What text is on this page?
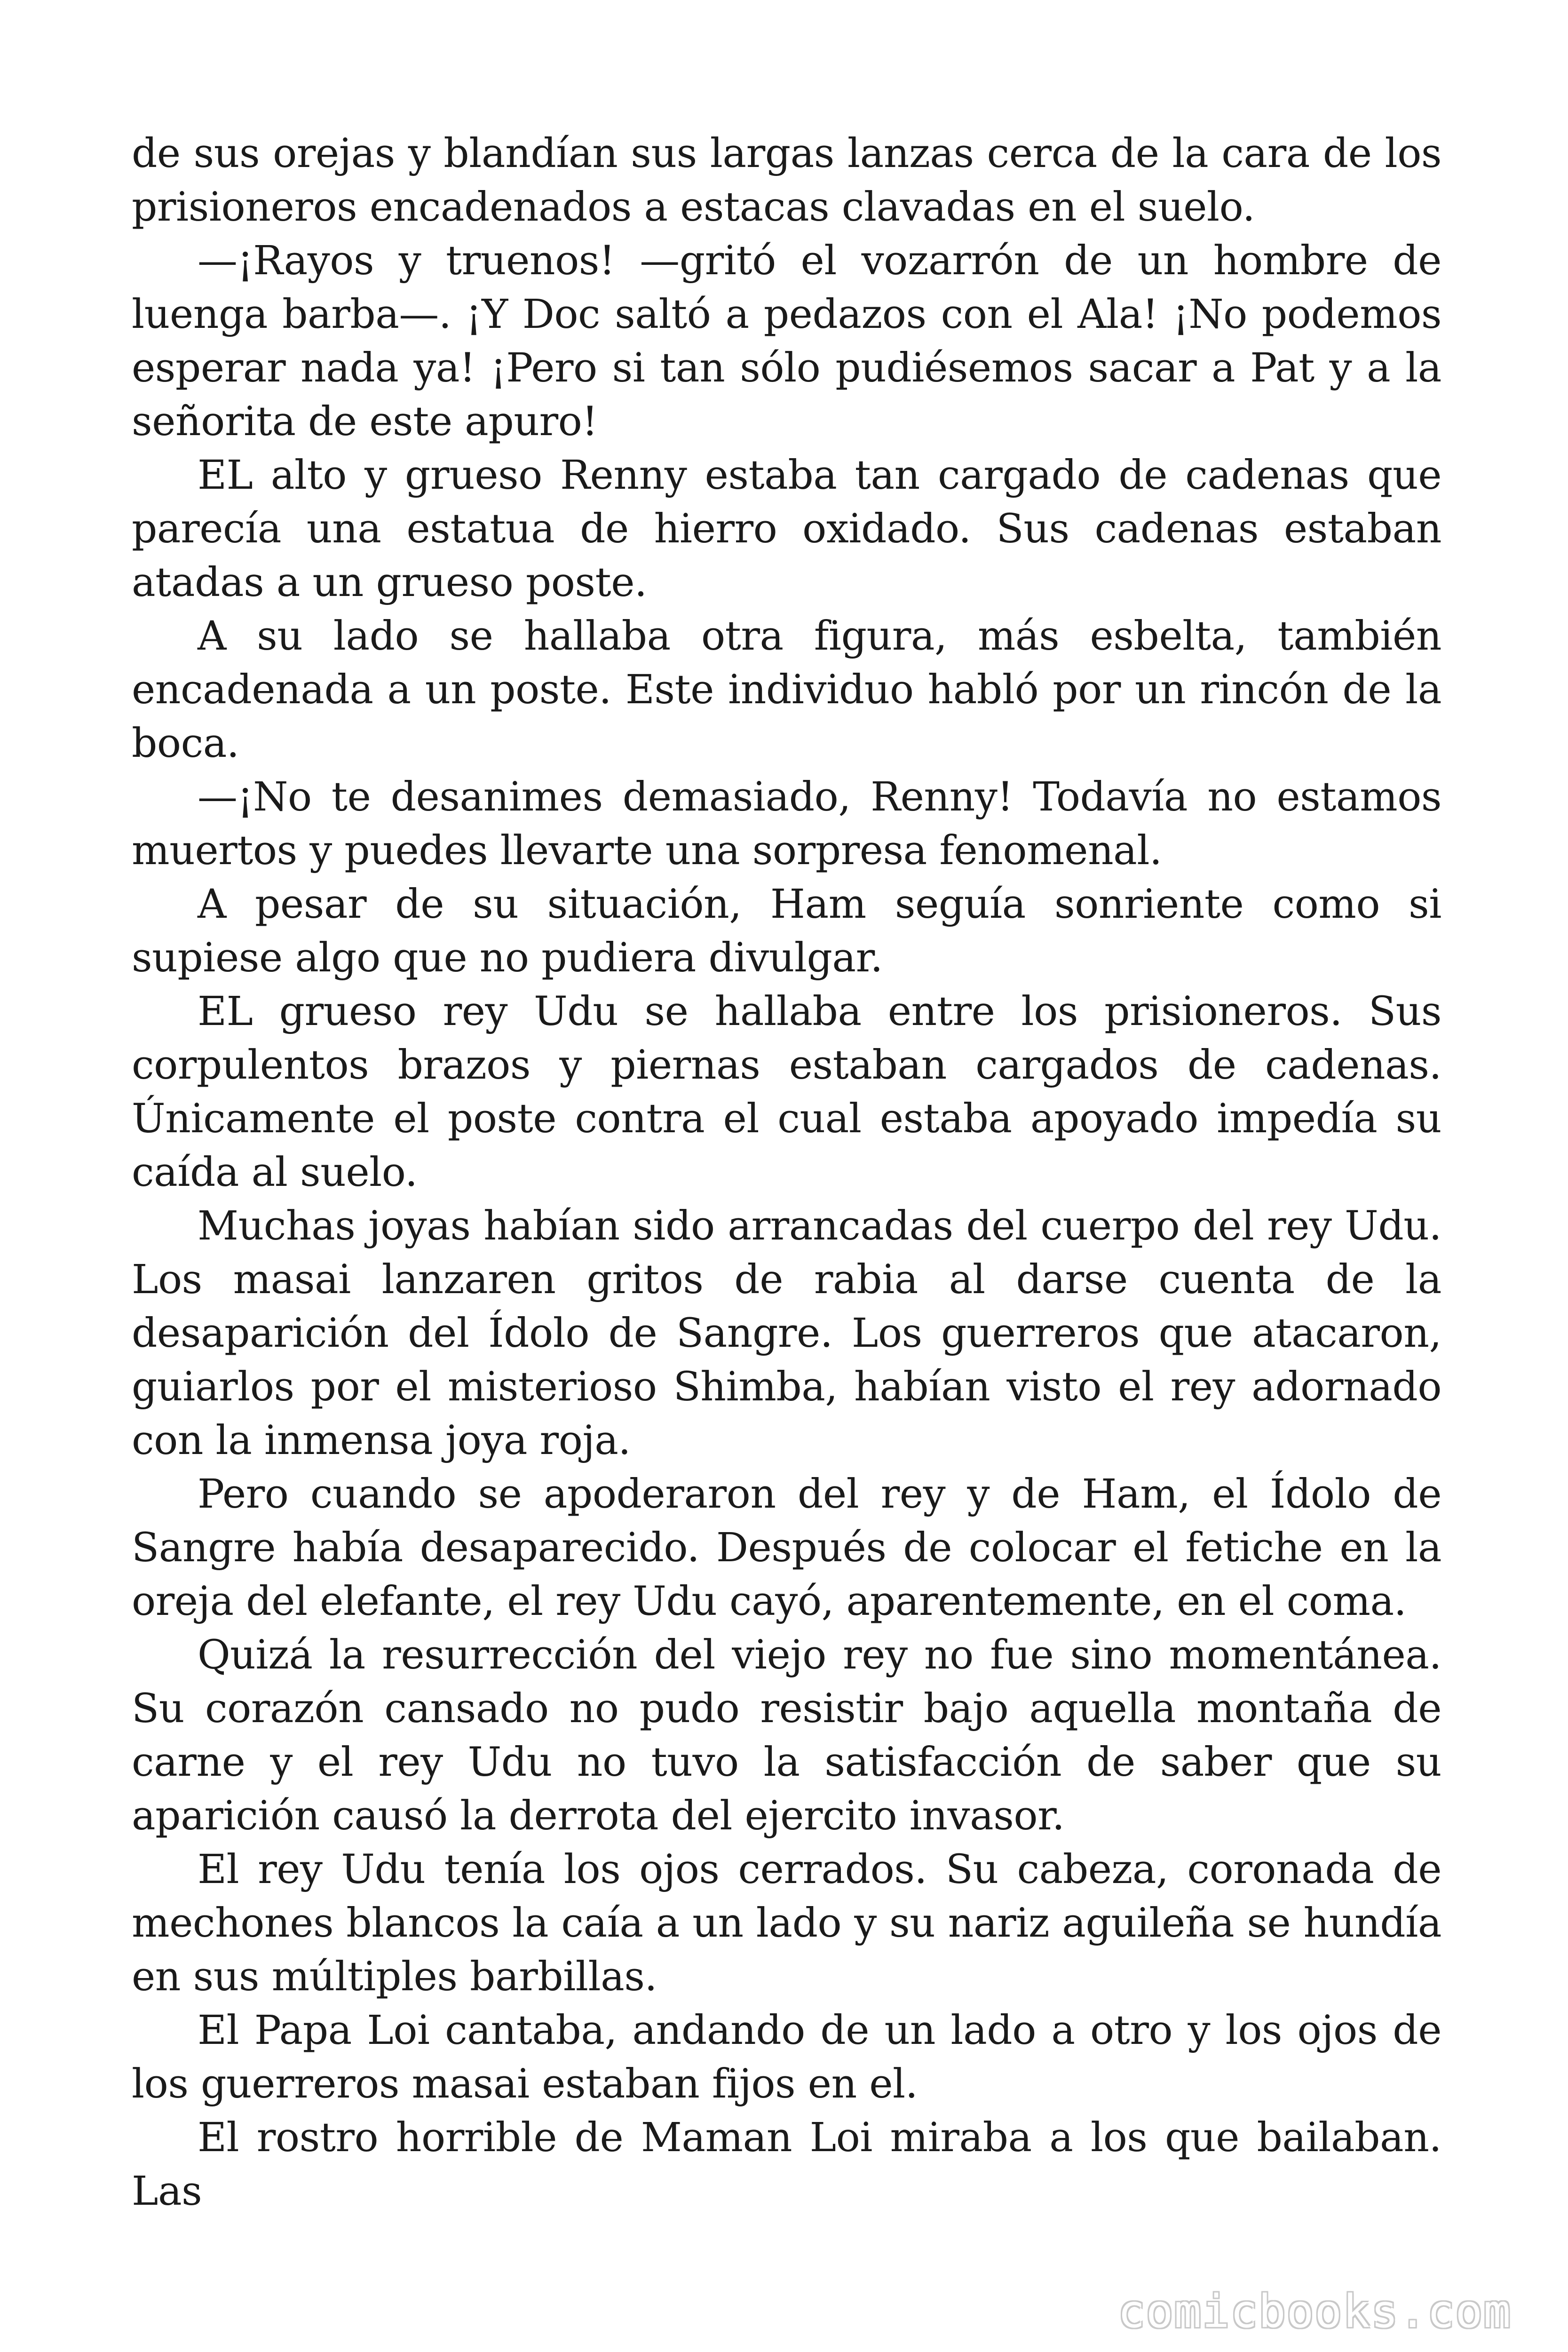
de sus orejas y blandían sus largas lanzas cerca de la cara de los prisioneros encadenados a estacas clavadas en el suelo.

—¡Rayos y truenos! —gritó el vozarrón de un hombre de luenga barba—. ¡Y Doc saltó a pedazos con el Ala! ¡No podemos esperar nada ya! ¡Pero si tan sólo pudiésemos sacar a Pat y a la señorita de este apuro!

EL alto y grueso Renny estaba tan cargado de cadenas que parecía una estatua de hierro oxidado. Sus cadenas estaban atadas a un grueso poste.

A su lado se hallaba otra figura, más esbelta, también encadenada a un poste. Este individuo habló por un rincón de la boca.

—¡No te desanimes demasiado, Renny! Todavía no estamos muertos y puedes llevarte una sorpresa fenomenal.

A pesar de su situación, Ham seguía sonriente como si supiese algo que no pudiera divulgar.

EL grueso rey Udu se hallaba entre los prisioneros. Sus corpulentos brazos y piernas estaban cargados de cadenas. Únicamente el poste contra el cual estaba apoyado impedía su caída al suelo.

Muchas joyas habían sido arrancadas del cuerpo del rey Udu. Los masai lanzaren gritos de rabia al darse cuenta de la desaparición del Ídolo de Sangre. Los guerreros que atacaron, guiarlos por el misterioso Shimba, habían visto el rey adornado con la inmensa joya roja.

Pero cuando se apoderaron del rey y de Ham, el Ídolo de Sangre había desaparecido. Después de colocar el fetiche en la oreja del elefante, el rey Udu cayó, aparentemente, en el coma.

Quizá la resurrección del viejo rey no fue sino momentánea. Su corazón cansado no pudo resistir bajo aquella montaña de carne y el rey Udu no tuvo la satisfacción de saber que su aparición causó la derrota del ejercito invasor.

El rey Udu tenía los ojos cerrados. Su cabeza, coronada de mechones blancos la caía a un lado y su nariz aguileña se hundía en sus múltiples barbillas.

El Papa Loi cantaba, andando de un lado a otro y los ojos de los guerreros masai estaban fijos en el.

El rostro horrible de Maman Loi miraba a los que bailaban. Las

comicbooks.com
